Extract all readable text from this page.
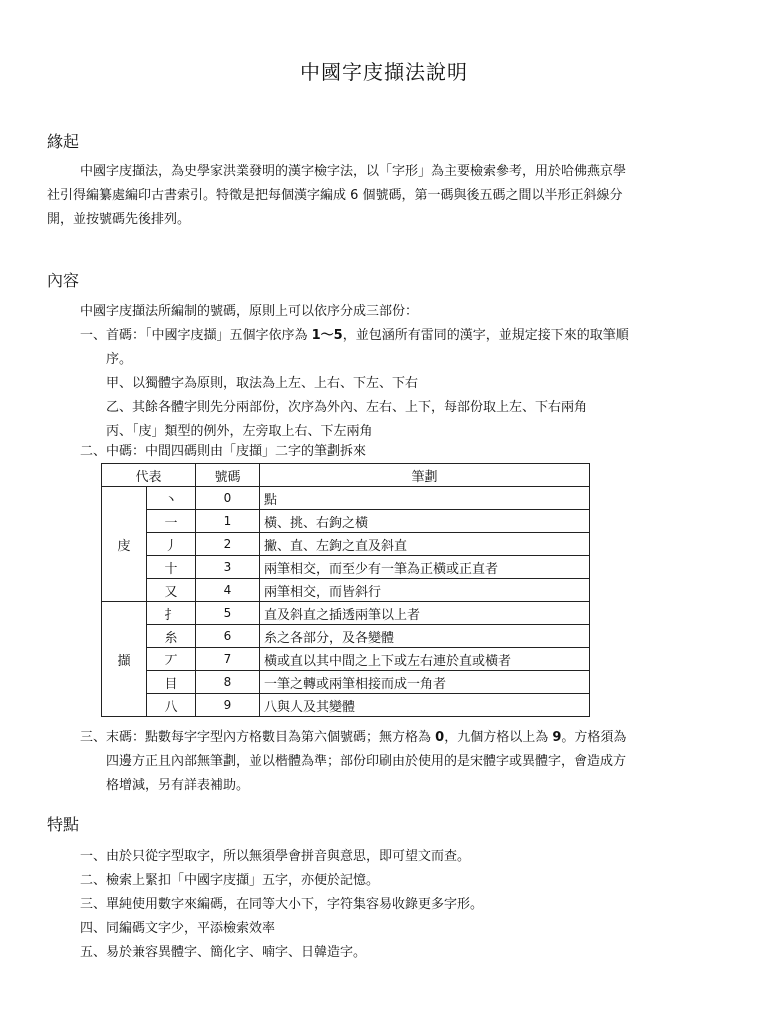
中國字庋擷法說明
緣起
中國字庋擷法，為史學家洪業發明的漢字檢字法，以「字形」為主要檢索參考，用於哈佛燕京學
社引得編纂處編印古書索引。特徵是把每個漢字編成 6 個號碼，第一碼與後五碼之間以半形正斜線分
開，並按號碼先後排列。
內容
中國字庋擷法所編制的號碼，原則上可以依序分成三部份：
一、首碼：「中國字庋擷」五個字依序為 1～5，並包涵所有雷同的漢字，並規定接下來的取筆順
序。
甲、以獨體字為原則，取法為上左、上右、下左、下右
乙、其餘各體字則先分兩部份，次序為外內、左右、上下，每部份取上左、下右兩角
丙、「庋」類型的例外，左旁取上右、下左兩角
二、中碼：中間四碼則由「庋擷」二字的筆劃拆來
代表		號碼	筆劃
庋	丶	0	點
	一	1	橫、挑、右鉤之橫
	丿	2	撇、直、左鉤之直及斜直
	十	3	兩筆相交，而至少有一筆為正橫或正直者
	又	4	兩筆相交，而皆斜行
擷	扌	5	直及斜直之插透兩筆以上者
	糸	6	糸之各部分，及各變體
	丆	7	橫或直以其中間之上下或左右連於直或橫者
	目	8	一筆之轉或兩筆相接而成一角者
	八	9	八與人及其變體
三、末碼：點數每字字型內方格數目為第六個號碼；無方格為 0，九個方格以上為 9。方格須為
四邊方正且內部無筆劃，並以楷體為準；部份印刷由於使用的是宋體字或異體字，會造成方
格增減，另有詳表補助。
特點
一、由於只從字型取字，所以無須學會拼音與意思，即可望文而查。
二、檢索上緊扣「中國字庋擷」五字，亦便於記憶。
三、單純使用數字來編碼，在同等大小下，字符集容易收錄更多字形。
四、同編碼文字少，平添檢索效率
五、易於兼容異體字、簡化字、喃字、日韓造字。
